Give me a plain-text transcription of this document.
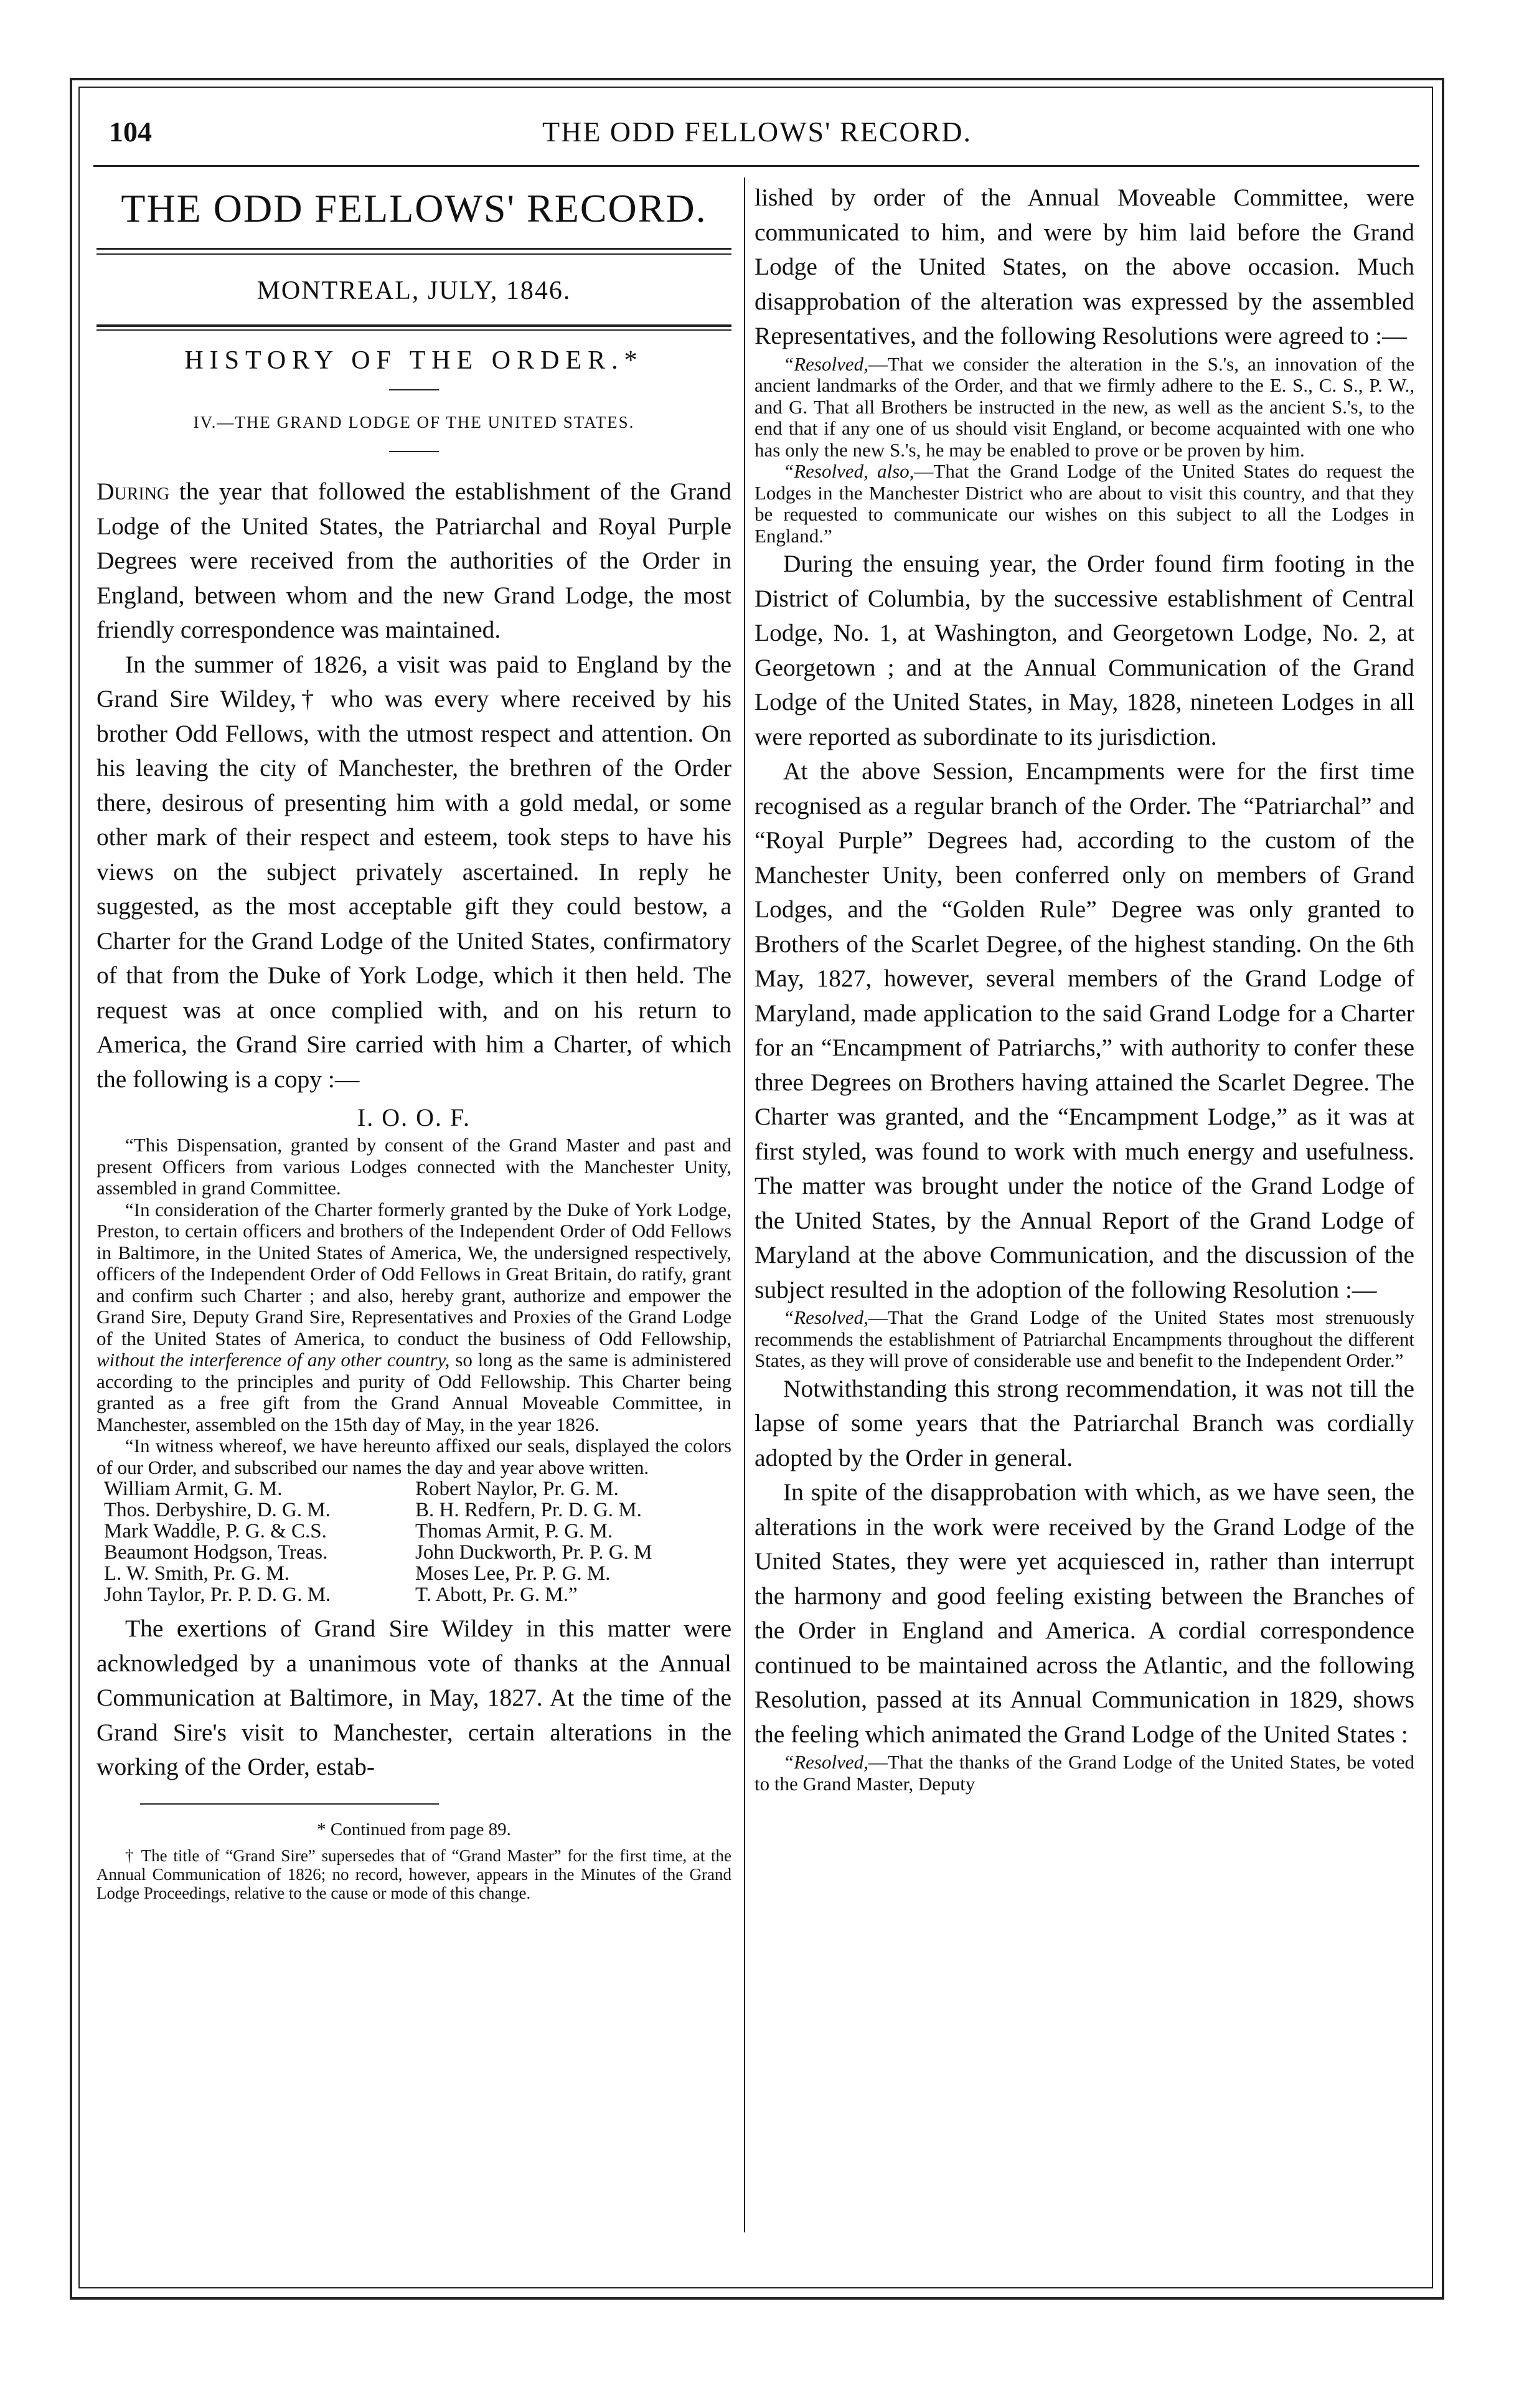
104	THE ODD FELLOWS' RECORD.
THE ODD FELLOWS' RECORD.
MONTREAL, JULY, 1846.
HISTORY OF THE ORDER.*
IV.—THE GRAND LODGE OF THE UNITED STATES.

During the year that followed the establishment of the Grand Lodge of the United States, the Patriarchal and Royal Purple Degrees were received from the authorities of the Order in England, between whom and the new Grand Lodge, the most friendly correspondence was maintained.

In the summer of 1826, a visit was paid to England by the Grand Sire Wildey,† who was every where received by his brother Odd Fellows, with the utmost respect and attention. On his leaving the city of Manchester, the brethren of the Order there, desirous of presenting him with a gold medal, or some other mark of their respect and esteem, took steps to have his views on the subject privately ascertained. In reply he suggested, as the most acceptable gift they could bestow, a Charter for the Grand Lodge of the United States, confirmatory of that from the Duke of York Lodge, which it then held. The request was at once complied with, and on his return to America, the Grand Sire carried with him a Charter, of which the following is a copy :—

I. O. O. F.

“This Dispensation, granted by consent of the Grand Master and past and present Officers from various Lodges connected with the Manchester Unity, assembled in grand Committee.

“In consideration of the Charter formerly granted by the Duke of York Lodge, Preston, to certain officers and brothers of the Independent Order of Odd Fellows in Baltimore, in the United States of America, We, the undersigned respectively, officers of the Independent Order of Odd Fellows in Great Britain, do ratify, grant and confirm such Charter ; and also, hereby grant, authorize and empower the Grand Sire, Deputy Grand Sire, Representatives and Proxies of the Grand Lodge of the United States of America, to conduct the business of Odd Fellowship, without the interference of any other country, so long as the same is administered according to the principles and purity of Odd Fellowship. This Charter being granted as a free gift from the Grand Annual Moveable Committee, in Manchester, assembled on the 15th day of May, in the year 1826.

“In witness whereof, we have hereunto affixed our seals, displayed the colors of our Order, and subscribed our names the day and year above written.

William Armit, G. M.	Robert Naylor, Pr. G. M.
Thos. Derbyshire, D. G. M.	B. H. Redfern, Pr. D. G. M.
Mark Waddle, P. G. & C.S.	Thomas Armit, P. G. M.
Beaumont Hodgson, Treas.	John Duckworth, Pr. P. G. M
L. W. Smith, Pr. G. M.	Moses Lee, Pr. P. G. M.
John Taylor, Pr. P. D. G. M.	T. Abott, Pr. G. M.”

The exertions of Grand Sire Wildey in this matter were acknowledged by a unanimous vote of thanks at the Annual Communication at Baltimore, in May, 1827. At the time of the Grand Sire's visit to Manchester, certain alterations in the working of the Order, estab-

* Continued from page 89.

† The title of “Grand Sire” supersedes that of “Grand Master” for the first time, at the Annual Communication of 1826; no record, however, appears in the Minutes of the Grand Lodge Proceedings, relative to the cause or mode of this change.

lished by order of the Annual Moveable Committee, were communicated to him, and were by him laid before the Grand Lodge of the United States, on the above occasion. Much disapprobation of the alteration was expressed by the assembled Representatives, and the following Resolutions were agreed to :—

“Resolved,—That we consider the alteration in the S.'s, an innovation of the ancient landmarks of the Order, and that we firmly adhere to the E. S., C. S., P. W., and G. That all Brothers be instructed in the new, as well as the ancient S.'s, to the end that if any one of us should visit England, or become acquainted with one who has only the new S.'s, he may be enabled to prove or be proven by him.

“Resolved, also,—That the Grand Lodge of the United States do request the Lodges in the Manchester District who are about to visit this country, and that they be requested to communicate our wishes on this subject to all the Lodges in England.”

During the ensuing year, the Order found firm footing in the District of Columbia, by the successive establishment of Central Lodge, No. 1, at Washington, and Georgetown Lodge, No. 2, at Georgetown ; and at the Annual Communication of the Grand Lodge of the United States, in May, 1828, nineteen Lodges in all were reported as subordinate to its jurisdiction.

At the above Session, Encampments were for the first time recognised as a regular branch of the Order. The “Patriarchal” and “Royal Purple” Degrees had, according to the custom of the Manchester Unity, been conferred only on members of Grand Lodges, and the “Golden Rule” Degree was only granted to Brothers of the Scarlet Degree, of the highest standing. On the 6th May, 1827, however, several members of the Grand Lodge of Maryland, made application to the said Grand Lodge for a Charter for an “Encampment of Patriarchs,” with authority to confer these three Degrees on Brothers having attained the Scarlet Degree. The Charter was granted, and the “Encampment Lodge,” as it was at first styled, was found to work with much energy and usefulness. The matter was brought under the notice of the Grand Lodge of the United States, by the Annual Report of the Grand Lodge of Maryland at the above Communication, and the discussion of the subject resulted in the adoption of the following Resolution :—

“Resolved,—That the Grand Lodge of the United States most strenuously recommends the establishment of Patriarchal Encampments throughout the different States, as they will prove of considerable use and benefit to the Independent Order.”

Notwithstanding this strong recommendation, it was not till the lapse of some years that the Patriarchal Branch was cordially adopted by the Order in general.

In spite of the disapprobation with which, as we have seen, the alterations in the work were received by the Grand Lodge of the United States, they were yet acquiesced in, rather than interrupt the harmony and good feeling existing between the Branches of the Order in England and America. A cordial correspondence continued to be maintained across the Atlantic, and the following Resolution, passed at its Annual Communication in 1829, shows the feeling which animated the Grand Lodge of the United States :

“Resolved,—That the thanks of the Grand Lodge of the United States, be voted to the Grand Master, Deputy
